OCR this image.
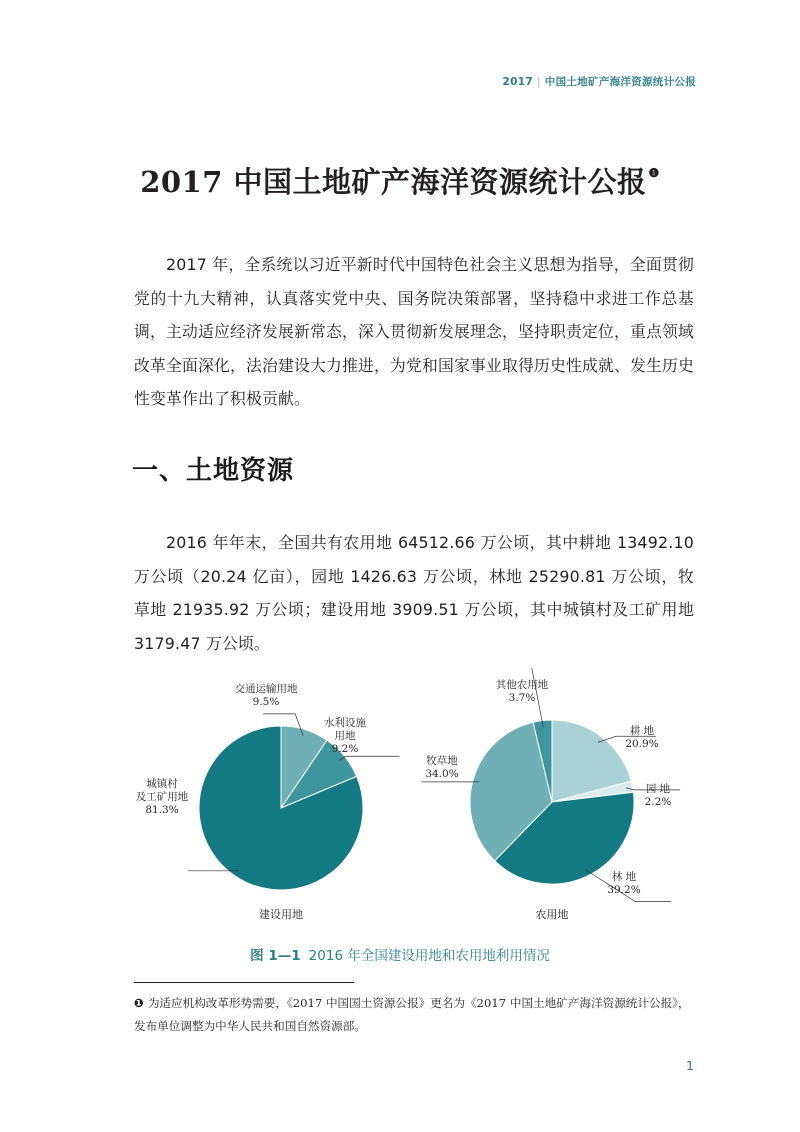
2017 | 中国土地矿产海洋资源统计公报
2017 中国土地矿产海洋资源统计公报 $^❶$

2017 年，全系统以习近平新时代中国特色社会主义思想为指导，全面贯彻党的十九大精神，认真落实党中央、国务院决策部署，坚持稳中求进工作总基调，主动适应经济发展新常态，深入贯彻新发展理念，坚持职责定位，重点领域改革全面深化，法治建设大力推进，为党和国家事业取得历史性成就、发生历史性变革作出了积极贡献。

一、土地资源

2016 年年末，全国共有农用地 64512.66 万公顷，其中耕地 13492.10 万公顷（20.24 亿亩），园地 1426.63 万公顷，林地 25290.81 万公顷，牧草地 21935.92 万公顷；建设用地 3909.51 万公顷，其中城镇村及工矿用地 3179.47 万公顷。

交通运输用地 9.5%
水利设施用地 9.2%
城镇村及工矿用地 81.3%
建设用地
耕 地 20.9%
园 地 2.2%
林 地 39.2%
牧草地 34.0%
其他农用地 3.7%
农用地
图 1—1 2016 年全国建设用地和农用地利用情况

❶ 为适应机构改革形势需要，《2017 中国国土资源公报》更名为《2017 中国土地矿产海洋资源统计公报》，发布单位调整为中华人民共和国自然资源部。

1
